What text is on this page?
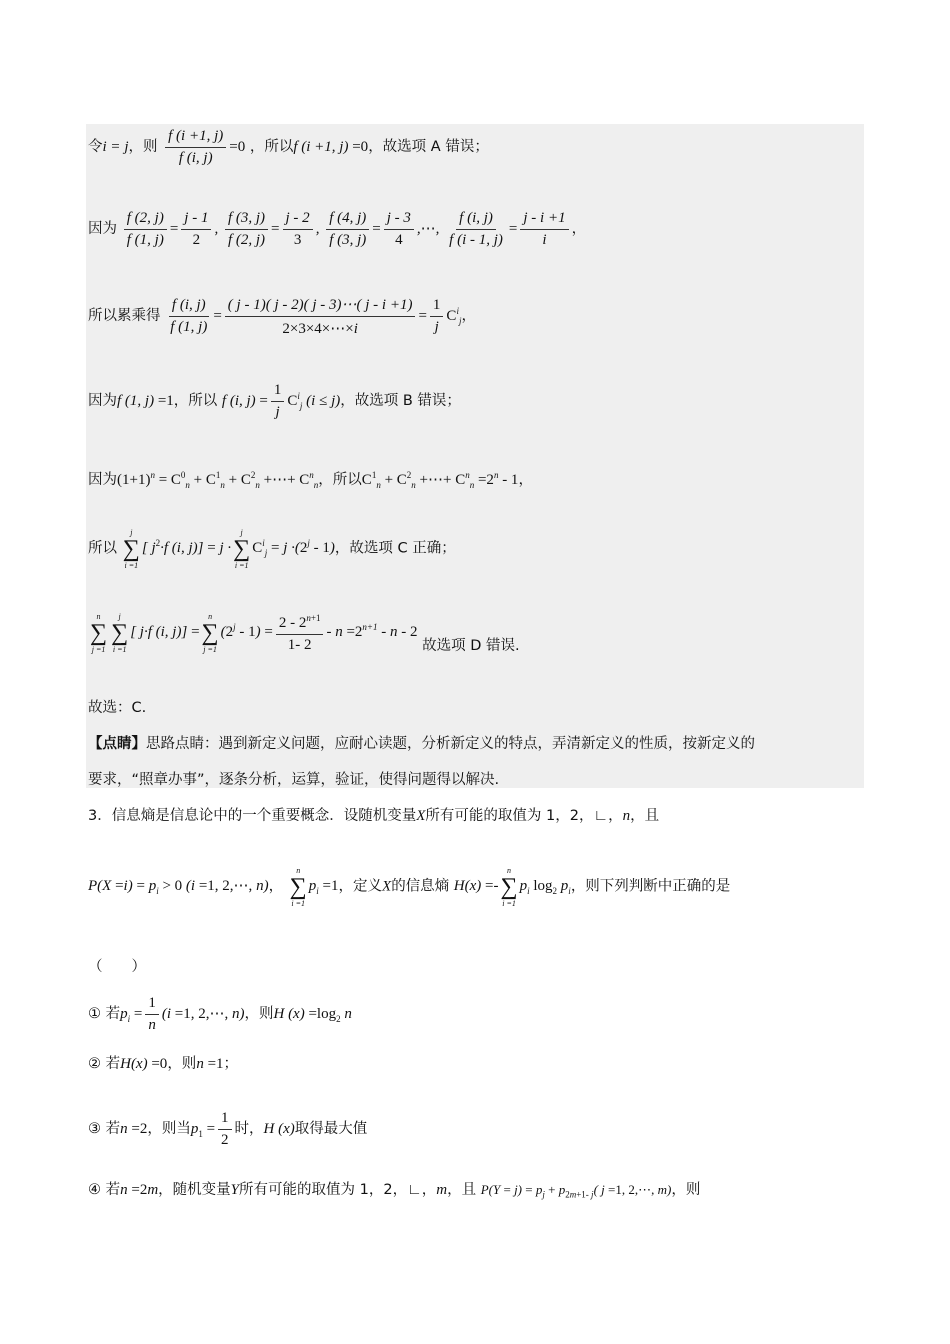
令i = j，则 $\frac{f (i +1, j)}{f (i, j)} =0$ ，所以f (i +1, j) =0，故选项 A 错误；
因为 $\frac{f (2, j)}{f (1, j)} = \frac{j - 1}{2}$ , $\frac{f (3, j)}{f (2, j)} = \frac{j - 2}{3}$ , $\frac{f (4, j)}{f (3, j)} = \frac{j - 3}{4}$ ,⋯, $\frac{f (i, j)}{f (i - 1, j)} = \frac{j - i +1}{i}$ ，
所以累乘得 $\frac{f (i, j)}{f (1, j)} = \frac{( j - 1)( j - 2)( j - 3)\cdots( j - i +1)}{2\times 3\times 4\times\cdots\times i} = \frac{1}{j} C^i_j$，
因为f (1, j) =1，所以 f (i, $j) = \frac{1}{j} C^i_j$ (i ≤ j)，故选项 B 错误；
因为$(1+1)^n = C^0_n + C^1_n + C^2_n$ +⋯+ $C^n_n$，所以$C^1_n + C^2_n$ +⋯+ $C^n_n =2^n - 1$，
所以
j
∑
i =1
[ $j^2\cdot f$ (i, j)] = j ·
j
∑
i =1
$C^i_j = j \cdot(2^j - 1)$，故选项 C 正确；
n
∑
j =1
j
∑
i =1
[ j·f (i, j)] =
n
∑
j =1
$(2^j - 1) = \frac{2 - 2^{n+1}}{1- 2} - n =2^{n+1} - n - 2$ 故选项 D 错误.
故选：C.
【点睛】思路点睛：遇到新定义问题，应耐心读题，分析新定义的特点，弄清新定义的性质，按新定义的
要求，“照章办事”，逐条分析，运算，验证，使得问题得以解决.
3．信息熵是信息论中的一个重要概念．设随机变量X所有可能的取值为 1，2，∟，n，且
$P(X =i) = p_i > 0$ (i =1, 2,⋯, n)，
n
∑
i =1
$p_i =1$，定义X的信息熵 H(x) =-
n
∑
i =1
$p_i$ $\log_2 p_i$，则下列判断中正确的是
（　　）
① 若$p_i = \frac{1}{n} (i =1$, 2,⋯, n)，则H $(x) =\log_2$ n
② 若H(x) =0，则n =1；
③ 若n =2，则当$p_1 = \frac{1}{2}$ 时，H (x)取得最大值
④ 若n =2m，随机变量Y所有可能的取值为 1，2，∟，m，且 $P(Y = j) = p_j + p_{2m+1- j}$( j =1, 2,⋯, m)，则
